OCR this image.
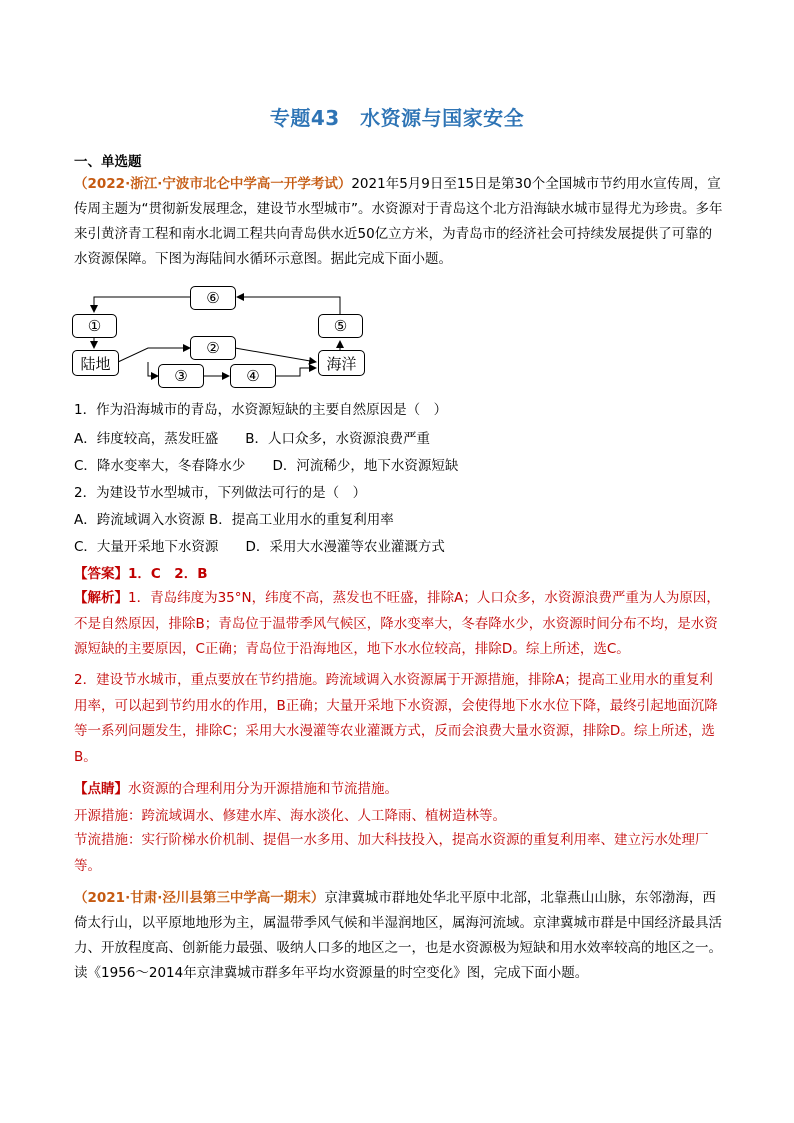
专题43　水资源与国家安全
一、单选题
（2022·浙江·宁波市北仑中学高一开学考试）2021年5月9日至15日是第30个全国城市节约用水宣传周，宣传周主题为“贯彻新发展理念，建设节水型城市”。水资源对于青岛这个北方沿海缺水城市显得尤为珍贵。多年来引黄济青工程和南水北调工程共向青岛供水近50亿立方米，为青岛市的经济社会可持续发展提供了可靠的水资源保障。下图为海陆间水循环示意图。据此完成下面小题。
⑥
①	⑤
②
陆地	海洋
③	④
1．作为沿海城市的青岛，水资源短缺的主要自然原因是（　）
A．纬度较高，蒸发旺盛　　 B．人口众多，水资源浪费严重
C．降水变率大，冬春降水少　　 D．河流稀少，地下水资源短缺
2．为建设节水型城市，下列做法可行的是（　）
A．跨流域调入水资源 B．提高工业用水的重复利用率
C．大量开采地下水资源　　 D．采用大水漫灌等农业灌溉方式
【答案】1．C　2．B
【解析】1．青岛纬度为35°N，纬度不高，蒸发也不旺盛，排除A；人口众多，水资源浪费严重为人为原因，不是自然原因，排除B；青岛位于温带季风气候区，降水变率大，冬春降水少，水资源时间分布不均，是水资源短缺的主要原因，C正确；青岛位于沿海地区，地下水水位较高，排除D。综上所述，选C。
2．建设节水城市，重点要放在节约措施。跨流域调入水资源属于开源措施，排除A；提高工业用水的重复利用率，可以起到节约用水的作用，B正确；大量开采地下水资源，会使得地下水水位下降，最终引起地面沉降等一系列问题发生，排除C；采用大水漫灌等农业灌溉方式，反而会浪费大量水资源，排除D。综上所述，选B。
【点睛】水资源的合理利用分为开源措施和节流措施。
开源措施：跨流域调水、修建水库、海水淡化、人工降雨、植树造林等。
节流措施：实行阶梯水价机制、提倡一水多用、加大科技投入，提高水资源的重复利用率、建立污水处理厂等。
（2021·甘肃·泾川县第三中学高一期末）京津冀城市群地处华北平原中北部，北靠燕山山脉，东邻渤海，西倚太行山，以平原地地形为主，属温带季风气候和半湿润地区，属海河流域。京津冀城市群是中国经济最具活力、开放程度高、创新能力最强、吸纳人口多的地区之一，也是水资源极为短缺和用水效率较高的地区之一。读《1956～2014年京津冀城市群多年平均水资源量的时空变化》图，完成下面小题。
